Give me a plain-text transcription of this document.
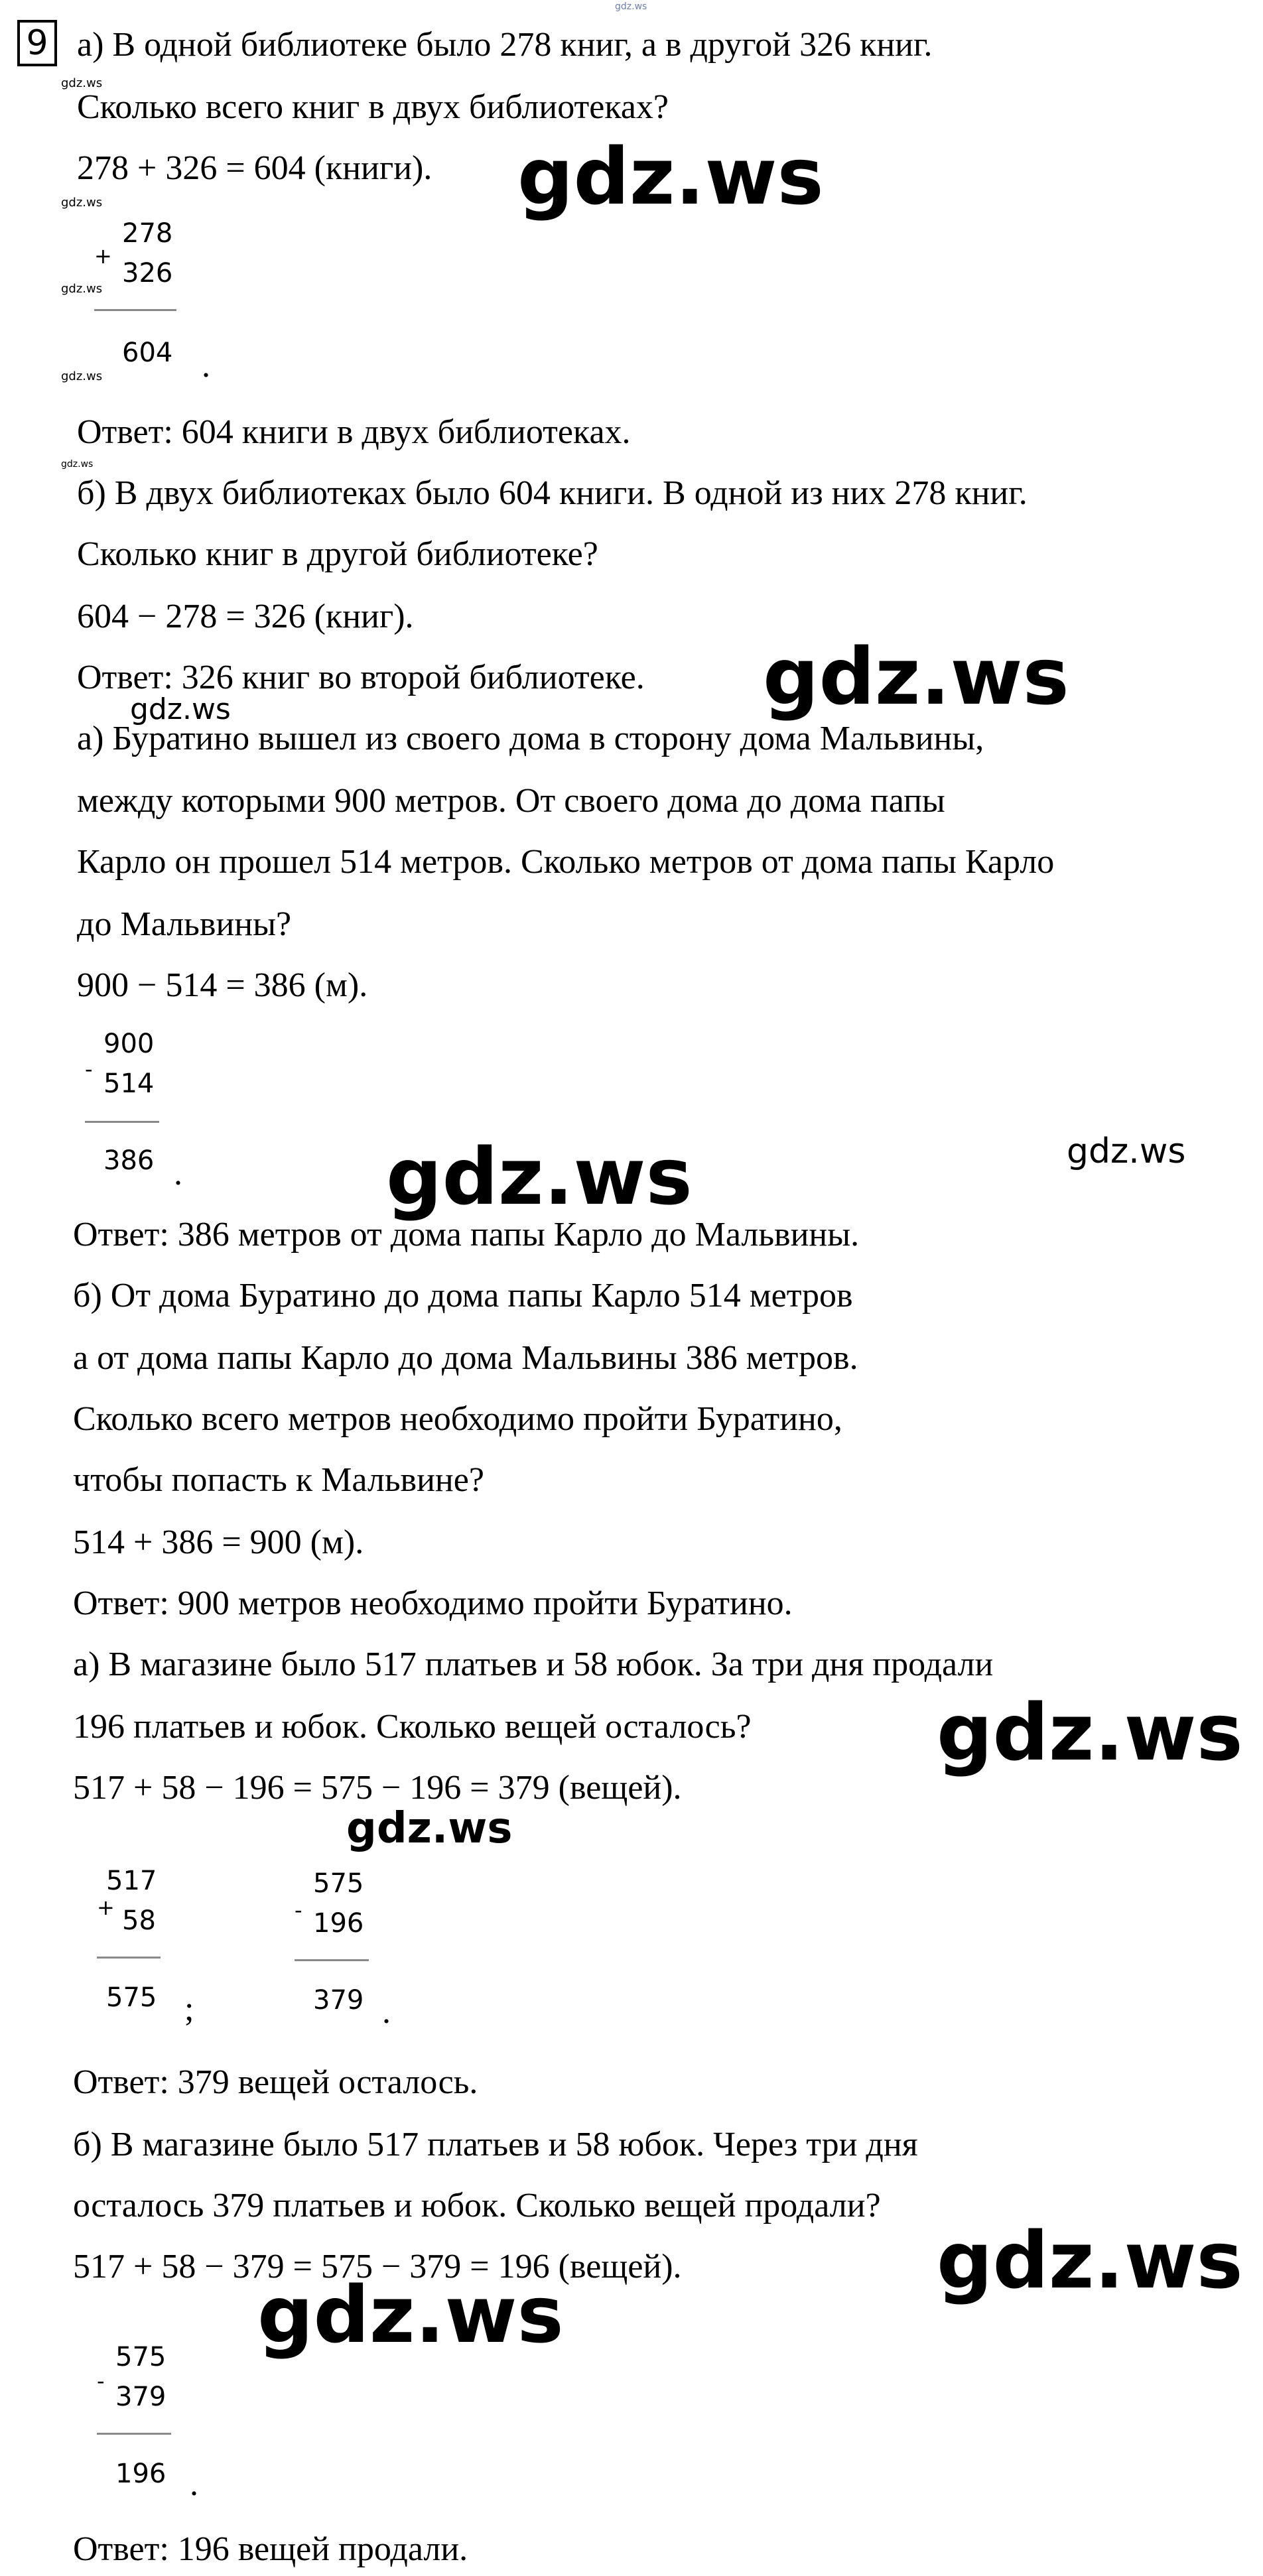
gdz.ws
9 а) В одной библиотеке было 278 книг, а в другой 326 книг.
Сколько всего книг в двух библиотеках?
278 + 326 = 604 (книги).
+
278
326
604 .
Ответ: 604 книги в двух библиотеках.
б) В двух библиотеках было 604 книги. В одной из них 278 книг.
Сколько книг в другой библиотеке?
604 − 278 = 326 (книг).
Ответ: 326 книг во второй библиотеке.
а) Буратино вышел из своего дома в сторону дома Мальвины,
между которыми 900 метров. От своего дома до дома папы
Карло он прошел 514 метров. Сколько метров от дома папы Карло
до Мальвины?
900 − 514 = 386 (м).
-
900
514
386 .
Ответ: 386 метров от дома папы Карло до Мальвины.
б) От дома Буратино до дома папы Карло 514 метров
а от дома папы Карло до дома Мальвины 386 метров.
Сколько всего метров необходимо пройти Буратино,
чтобы попасть к Мальвине?
514 + 386 = 900 (м).
Ответ: 900 метров необходимо пройти Буратино.
а) В магазине было 517 платьев и 58 юбок. За три дня продали
196 платьев и юбок. Сколько вещей осталось?
517 + 58 − 196 = 575 − 196 = 379 (вещей).
+
517
58
575 ;
-
575
196
379 .
Ответ: 379 вещей осталось.
б) В магазине было 517 платьев и 58 юбок. Через три дня
осталось 379 платьев и юбок. Сколько вещей продали?
517 + 58 − 379 = 575 − 379 = 196 (вещей).
-
575
379
196 .
Ответ: 196 вещей продали.
gdz.ws
gdz.ws
gdz.ws
gdz.ws
gdz.ws
gdz.ws
gdz.ws
gdz.ws
gdz.ws
gdz.ws
gdz.ws
gdz.ws
gdz.ws
gdz.ws
